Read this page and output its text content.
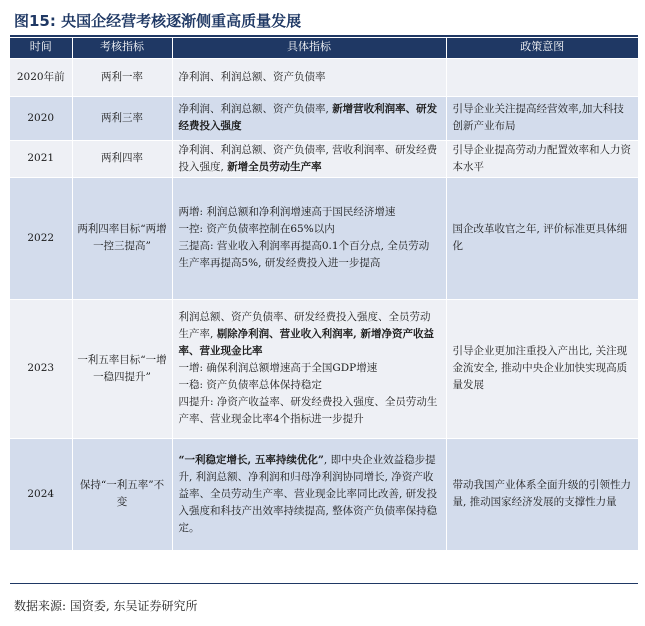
图15: 央国企经营考核逐渐侧重高质量发展
时间	考核指标	具体指标	政策意图
2020年前	两利一率	净利润、利润总额、资产负债率	
2020	两利三率	净利润、利润总额、资产负债率, 新增营收利润率、研发经费投入强度	引导企业关注提高经营效率,加大科技创新产业布局
2021	两利四率	净利润、利润总额、资产负债率, 营收利润率、研发经费投入强度, 新增全员劳动生产率	引导企业提高劳动力配置效率和人力资本水平
2022	两利四率目标“两增一控三提高”	两增: 利润总额和净利润增速高于国民经济增速
一控: 资产负债率控制在65%以内
三提高: 营业收入利润率再提高0.1个百分点, 全员劳动生产率再提高5%, 研发经费投入进一步提高	国企改革收官之年, 评价标准更具体细化
2023	一利五率目标“一增一稳四提升”	利润总额、资产负债率、研发经费投入强度、全员劳动生产率, 剔除净利润、营业收入利润率, 新增净资产收益率、营业现金比率

一增: 确保利润总额增速高于全国GDP增速
一稳: 资产负债率总体保持稳定
四提升: 净资产收益率、研发经费投入强度、全员劳动生产率、营业现金比率4个指标进一步提升	引导企业更加注重投入产出比, 关注现金流安全, 推动中央企业加快实现高质量发展
2024	保持“一利五率”不变	“一利稳定增长, 五率持续优化”, 即中央企业效益稳步提升, 利润总额、净利润和归母净利润协同增长, 净资产收益率、全员劳动生产率、营业现金比率同比改善, 研发投入强度和科技产出效率持续提高, 整体资产负债率保持稳定。	带动我国产业体系全面升级的引领性力量, 推动国家经济发展的支撑性力量
数据来源: 国资委, 东吴证券研究所
